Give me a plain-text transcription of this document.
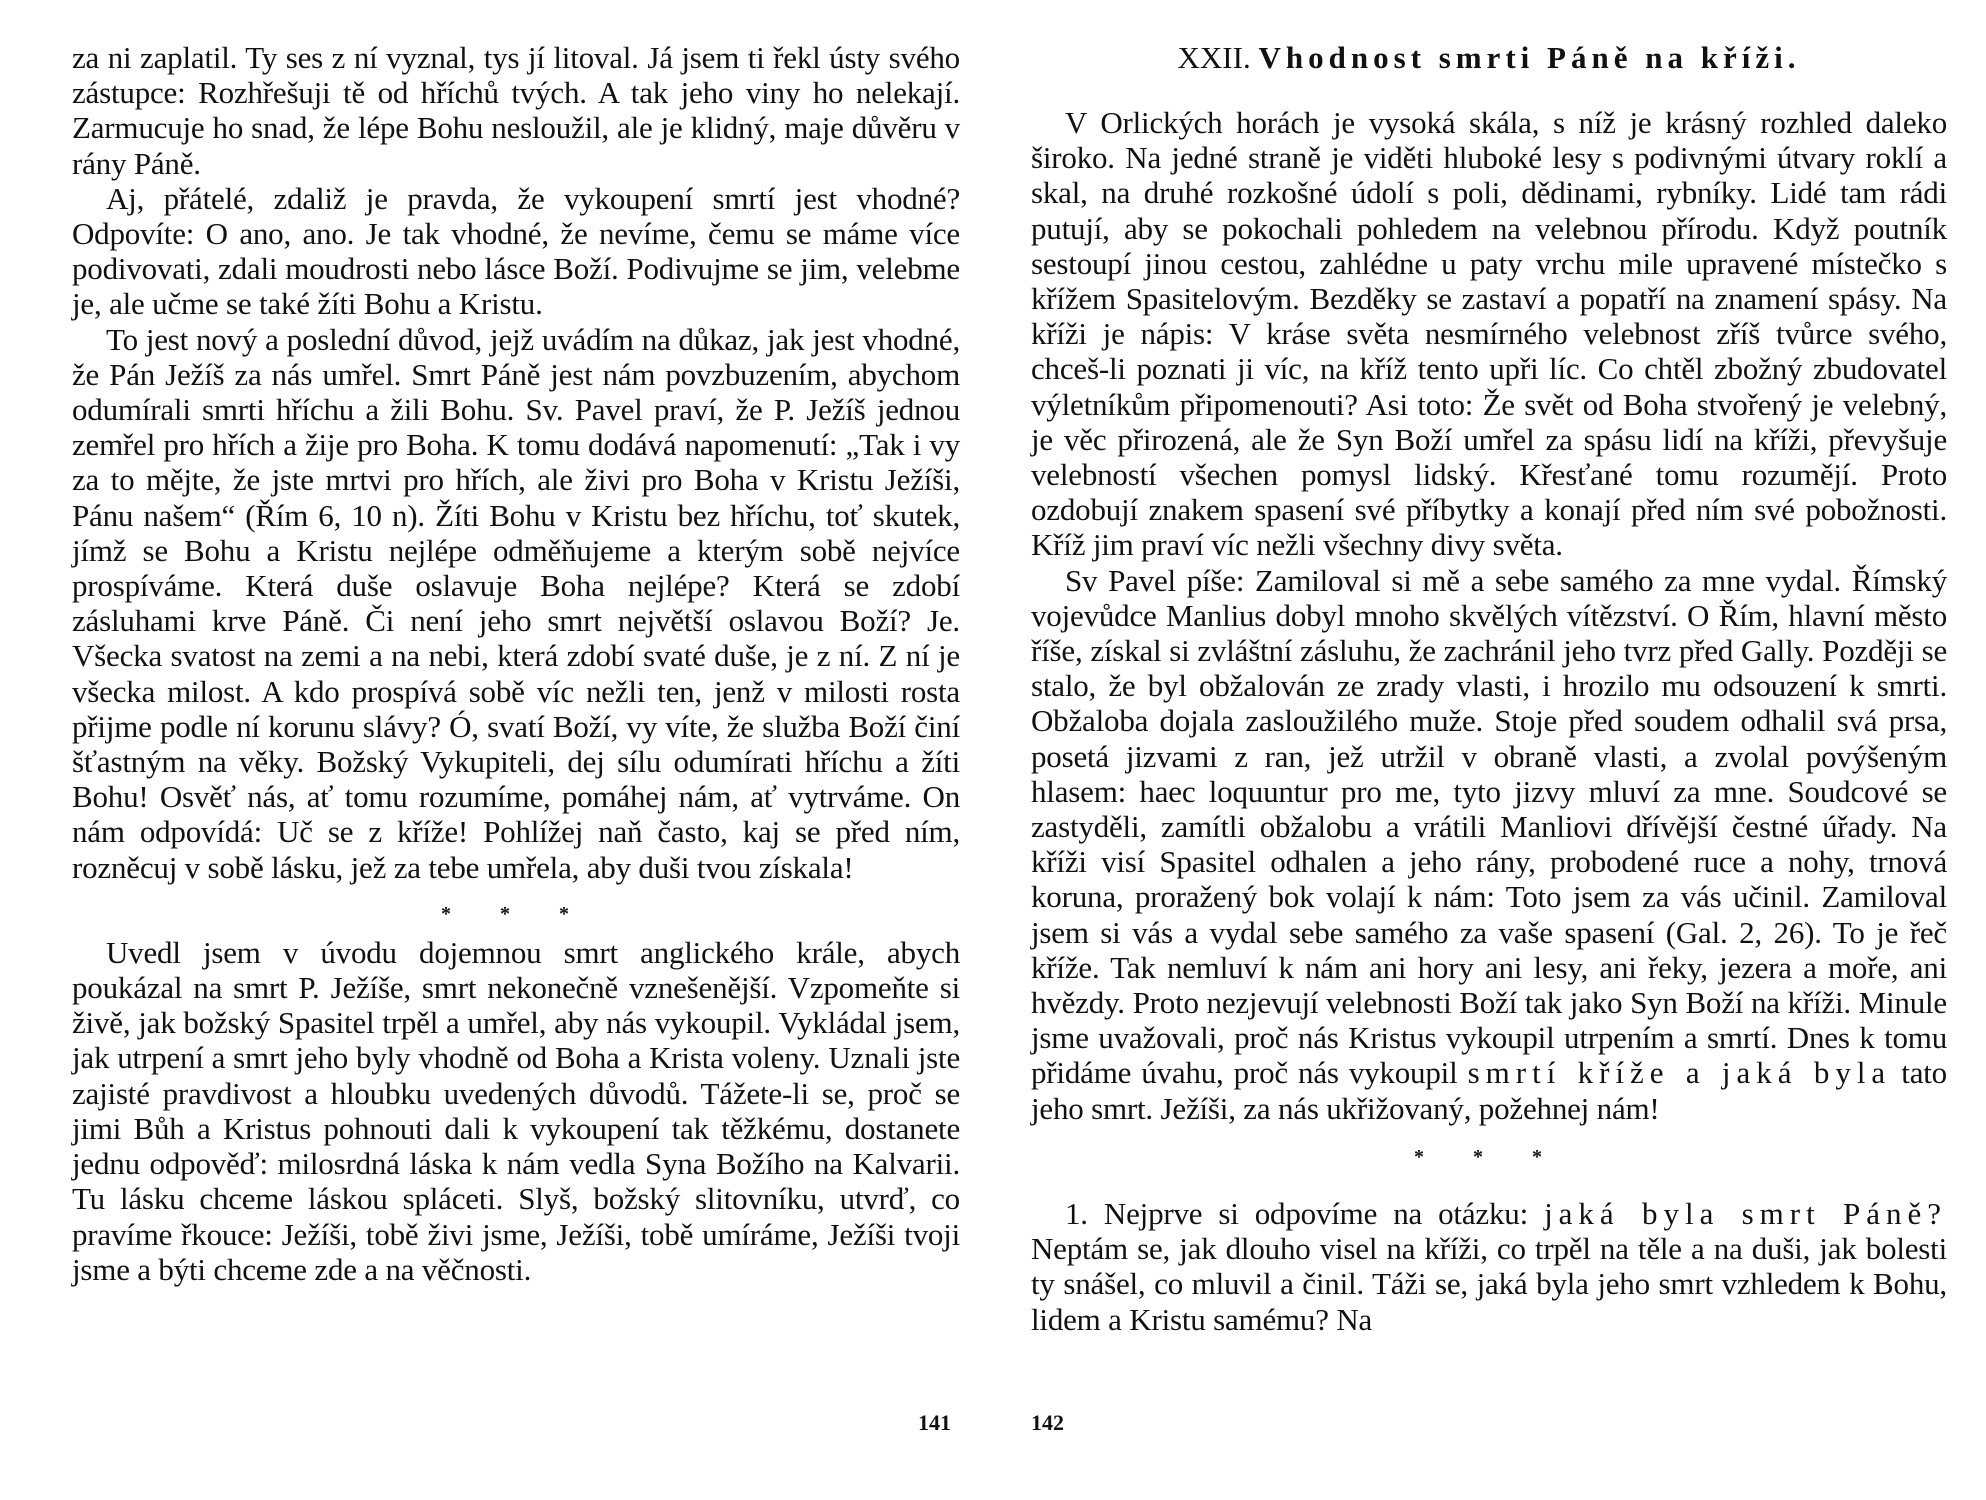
za ni zaplatil. Ty ses z ní vyznal, tys jí litoval. Já jsem ti řekl ústy svého zástupce: Rozhřešuji tě od hříchů tvých. A tak jeho viny ho nelekají. Zarmucuje ho snad, že lépe Bohu nesloužil, ale je klidný, maje důvěru v rány Páně.

Aj, přátelé, zdaliž je pravda, že vykoupení smrtí jest vhodné? Odpovíte: O ano, ano. Je tak vhodné, že nevíme, čemu se máme více podivovati, zdali moudrosti nebo lásce Boží. Podivujme se jim, velebme je, ale učme se také žíti Bohu a Kristu.

To jest nový a poslední důvod, jejž uvádím na důkaz, jak jest vhodné, že Pán Ježíš za nás umřel. Smrt Páně jest nám povzbuzením, abychom odumírali smrti hříchu a žili Bohu. Sv. Pavel praví, že P. Ježíš jednou zemřel pro hřích a žije pro Boha. K tomu dodává napomenutí: „Tak i vy za to mějte, že jste mrtvi pro hřích, ale živi pro Boha v Kristu Ježíši, Pánu našem“ (Řím 6, 10 n). Žíti Bohu v Kristu bez hříchu, toť skutek, jímž se Bohu a Kristu nejlépe odměňujeme a kterým sobě nejvíce prospíváme. Která duše oslavuje Boha nejlépe? Která se zdobí zásluhami krve Páně. Či není jeho smrt největší oslavou Boží? Je. Všecka svatost na zemi a na nebi, která zdobí svaté duše, je z ní. Z ní je všecka milost. A kdo prospívá sobě víc nežli ten, jenž v milosti rosta přijme podle ní korunu slávy? Ó, svatí Boží, vy víte, že služba Boží činí šťastným na věky. Božský Vykupiteli, dej sílu odumírati hříchu a žíti Bohu! Osvěť nás, ať tomu rozumíme, pomáhej nám, ať vytrváme. On nám odpovídá: Uč se z kříže! Pohlížej naň často, kaj se před ním, rozněcuj v sobě lásku, jež za tebe umřela, aby duši tvou získala!

* * *

Uvedl jsem v úvodu dojemnou smrt anglického krále, abych poukázal na smrt P. Ježíše, smrt nekonečně vznešenější. Vzpomeňte si živě, jak božský Spasitel trpěl a umřel, aby nás vykoupil. Vykládal jsem, jak utrpení a smrt jeho byly vhodně od Boha a Krista voleny. Uznali jste zajisté pravdivost a hloubku uvedených důvodů. Tážete-li se, proč se jimi Bůh a Kristus pohnouti dali k vykoupení tak těžkému, dostanete jednu odpověď: milosrdná láska k nám vedla Syna Božího na Kalvarii. Tu lásku chceme láskou spláceti. Slyš, božský slitovníku, utvrď, co pravíme řkouce: Ježíši, tobě živi jsme, Ježíši, tobě umíráme, Ježíši tvoji jsme a býti chceme zde a na věčnosti.

141
XXII. Vhodnost smrti Páně na kříži.

V Orlických horách je vysoká skála, s níž je krásný rozhled daleko široko. Na jedné straně je viděti hluboké lesy s podivnými útvary roklí a skal, na druhé rozkošné údolí s poli, dědinami, rybníky. Lidé tam rádi putují, aby se pokochali pohledem na velebnou přírodu. Když poutník sestoupí jinou cestou, zahlédne u paty vrchu mile upravené místečko s křížem Spasitelovým. Bezděky se zastaví a popatří na znamení spásy. Na kříži je nápis: V kráse světa nesmírného velebnost zříš tvůrce svého, chceš-li poznati ji víc, na kříž tento upři líc. Co chtěl zbožný zbudovatel výletníkům připomenouti? Asi toto: Že svět od Boha stvořený je velebný, je věc přirozená, ale že Syn Boží umřel za spásu lidí na kříži, převyšuje velebností všechen pomysl lidský. Křesťané tomu rozumějí. Proto ozdobují znakem spasení své příbytky a konají před ním své pobožnosti. Kříž jim praví víc nežli všechny divy světa.

Sv Pavel píše: Zamiloval si mě a sebe samého za mne vydal. Římský vojevůdce Manlius dobyl mnoho skvělých vítězství. O Řím, hlavní město říše, získal si zvláštní zásluhu, že zachránil jeho tvrz před Gally. Později se stalo, že byl obžalován ze zrady vlasti, i hrozilo mu odsouzení k smrti. Obžaloba dojala zasloužilého muže. Stoje před soudem odhalil svá prsa, posetá jizvami z ran, jež utržil v obraně vlasti, a zvolal povýšeným hlasem: haec loquuntur pro me, tyto jizvy mluví za mne. Soudcové se zastyděli, zamítli obžalobu a vrátili Manliovi dřívější čestné úřady. Na kříži visí Spasitel odhalen a jeho rány, probodené ruce a nohy, trnová koruna, proražený bok volají k nám: Toto jsem za vás učinil. Zamiloval jsem si vás a vydal sebe samého za vaše spasení (Gal. 2, 26). To je řeč kříže. Tak nemluví k nám ani hory ani lesy, ani řeky, jezera a moře, ani hvězdy. Proto nezjevují velebnosti Boží tak jako Syn Boží na kříži. Minule jsme uvažovali, proč nás Kristus vykoupil utrpením a smrtí. Dnes k tomu přidáme úvahu, proč nás vykoupil smrtí kříže a jaká byla tato jeho smrt. Ježíši, za nás ukřižovaný, požehnej nám!

* * *

1. Nejprve si odpovíme na otázku: jaká byla smrt Páně? Neptám se, jak dlouho visel na kříži, co trpěl na těle a na duši, jak bolesti ty snášel, co mluvil a činil. Táži se, jaká byla jeho smrt vzhledem k Bohu, lidem a Kristu samému? Na

142
